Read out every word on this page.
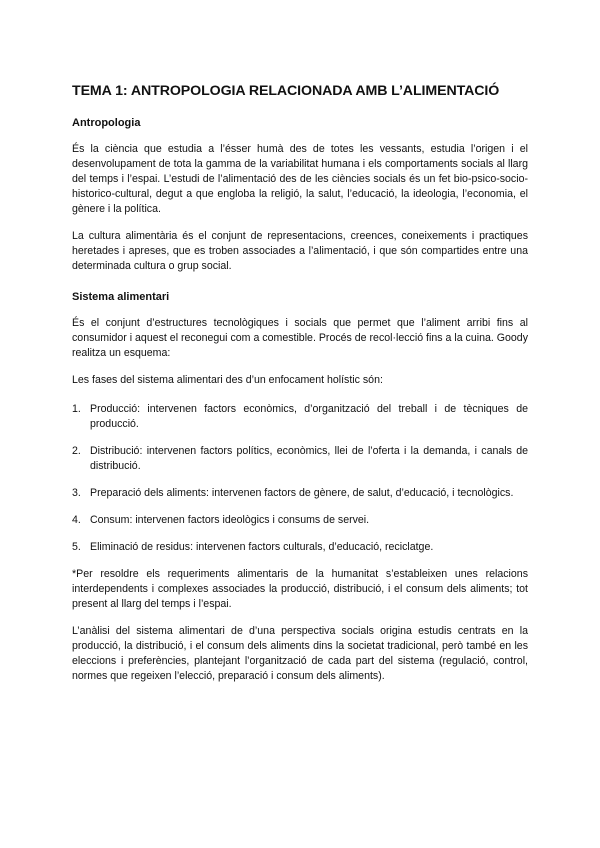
TEMA 1: ANTROPOLOGIA RELACIONADA AMB L’ALIMENTACIÓ
Antropologia

És la ciència que estudia a l’ésser humà des de totes les vessants, estudia l’origen i el desenvolupament de tota la gamma de la variabilitat humana i els comportaments socials al llarg del temps i l’espai. L’estudi de l’alimentació des de les ciències socials és un fet bio-psico-socio-historico-cultural, degut a que engloba la religió, la salut, l’educació, la ideologia, l’economia, el gènere i la política.

La cultura alimentària és el conjunt de representacions, creences, coneixements i practiques heretades i apreses, que es troben associades a l’alimentació, i que són compartides entre una determinada cultura o grup social.

Sistema alimentari

És el conjunt d’estructures tecnològiques i socials que permet que l’aliment arribi fins al consumidor i aquest el reconegui com a comestible. Procés de recol·lecció fins a la cuina. Goody realitza un esquema:

Les fases del sistema alimentari des d’un enfocament holístic són:

1. Producció: intervenen factors econòmics, d’organització del treball i de tècniques de producció.
2. Distribució: intervenen factors polítics, econòmics, llei de l’oferta i la demanda, i canals de distribució.
3. Preparació dels aliments: intervenen factors de gènere, de salut, d’educació, i tecnològics.
4. Consum: intervenen factors ideològics i consums de servei.
5. Eliminació de residus: intervenen factors culturals, d’educació, reciclatge.

*Per resoldre els requeriments alimentaris de la humanitat s’estableixen unes relacions interdependents i complexes associades la producció, distribució, i el consum dels aliments; tot present al llarg del temps i l’espai.

L’anàlisi del sistema alimentari de d’una perspectiva socials origina estudis centrats en la producció, la distribució, i el consum dels aliments dins la societat tradicional, però també en les eleccions i preferències, plantejant l’organització de cada part del sistema (regulació, control, normes que regeixen l’elecció, preparació i consum dels aliments).
